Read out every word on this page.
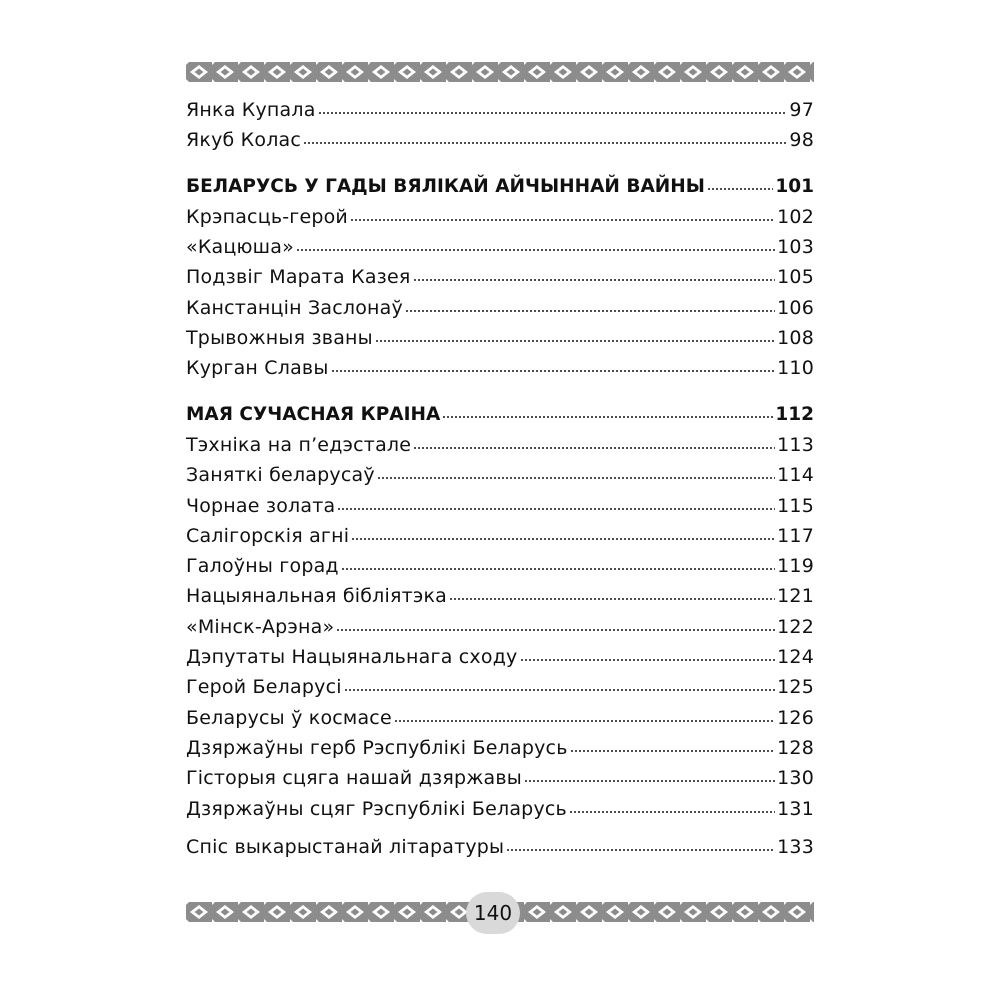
Янка Купала	97
Якуб Колас	98
БЕЛАРУСЬ У ГАДЫ ВЯЛІКАЙ АЙЧЫННАЙ ВАЙНЫ	101
Крэпасць-герой	102
«Кацюша»	103
Подзвіг Марата Казея	105
Канстанцін Заслонаў	106
Трывожныя званы	108
Курган Славы	110
МАЯ СУЧАСНАЯ КРАІНА	112
Тэхніка на п’едэстале	113
Заняткі беларусаў	114
Чорнае золата	115
Салігорскія агні	117
Галоўны горад	119
Нацыянальная бібліятэка	121
«Мінск-Арэна»	122
Дэпутаты Нацыянальнага сходу	124
Герой Беларусі	125
Беларусы ў космасе	126
Дзяржаўны герб Рэспублікі Беларусь	128
Гісторыя сцяга нашай дзяржавы	130
Дзяржаўны сцяг Рэспублікі Беларусь	131
Спіс выкарыстанай літаратуры	133
140
